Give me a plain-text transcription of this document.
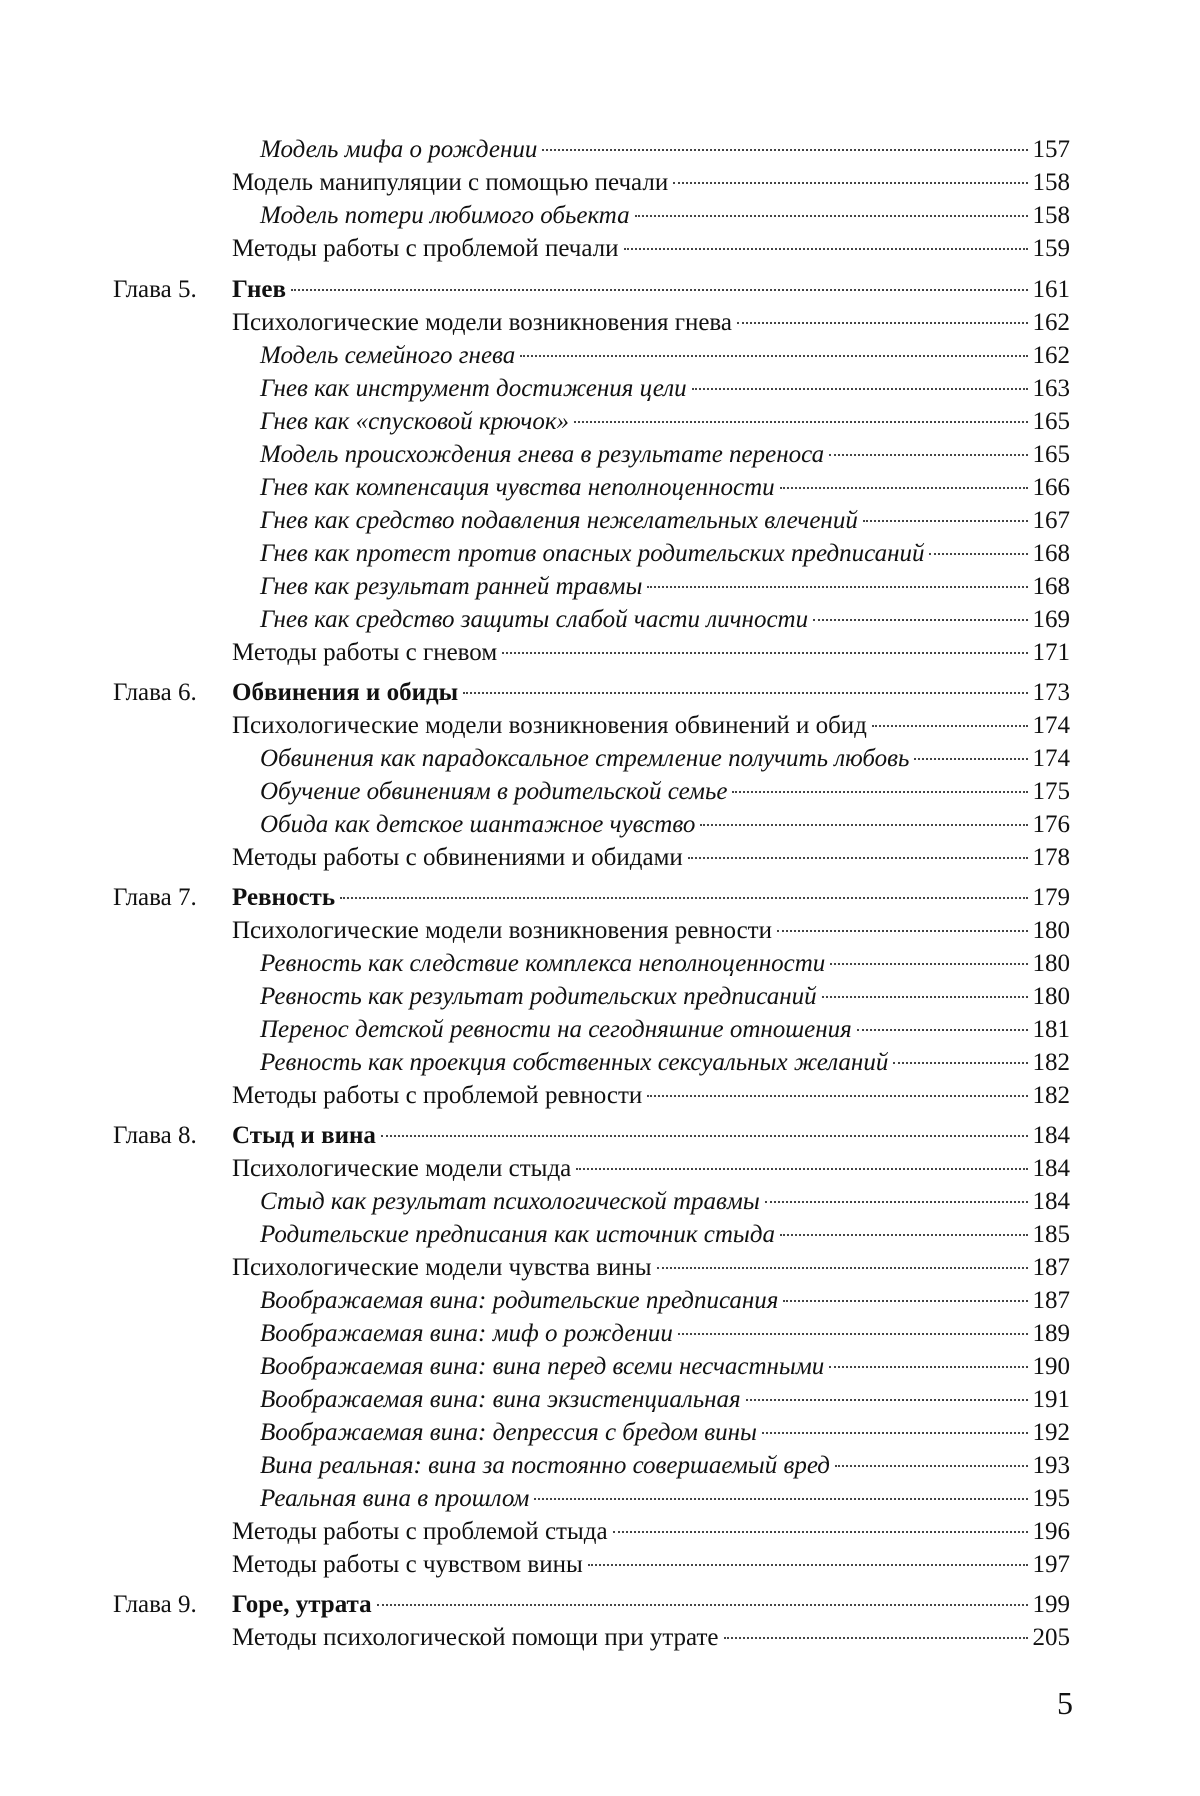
Модель мифа о рождении	157
Модель манипуляции с помощью печали	158
Модель потери любимого обьекта	158
Методы работы с проблемой печали	159
Глава 5.	Гнев	161
Психологические модели возникновения гнева	162
Модель семейного гнева	162
Гнев как инструмент достижения цели	163
Гнев как «спусковой крючок»	165
Модель происхождения гнева в результате переноса	165
Гнев как компенсация чувства неполноценности	166
Гнев как средство подавления нежелательных влечений	167
Гнев как протест против опасных родительских предписаний	168
Гнев как результат ранней травмы	168
Гнев как средство защиты слабой части личности	169
Методы работы с гневом	171
Глава 6.	Обвинения и обиды	173
Психологические модели возникновения обвинений и обид	174
Обвинения как парадоксальное стремление получить любовь	174
Обучение обвинениям в родительской семье	175
Обида как детское шантажное чувство	176
Методы работы с обвинениями и обидами	178
Глава 7.	Ревность	179
Психологические модели возникновения ревности	180
Ревность как следствие комплекса неполноценности	180
Ревность как результат родительских предписаний	180
Перенос детской ревности на сегодняшние отношения	181
Ревность как проекция собственных сексуальных желаний	182
Методы работы с проблемой ревности	182
Глава 8.	Стыд и вина	184
Психологические модели стыда	184
Стыд как результат психологической травмы	184
Родительские предписания как источник стыда	185
Психологические модели чувства вины	187
Воображаемая вина: родительские предписания	187
Воображаемая вина: миф о рождении	189
Воображаемая вина: вина перед всеми несчастными	190
Воображаемая вина: вина экзистенциальная	191
Воображаемая вина: депрессия с бредом вины	192
Вина реальная: вина за постоянно совершаемый вред	193
Реальная вина в прошлом	195
Методы работы с проблемой стыда	196
Методы работы с чувством вины	197
Глава 9.	Горе, утрата	199
Методы психологической помощи при утрате	205
5
